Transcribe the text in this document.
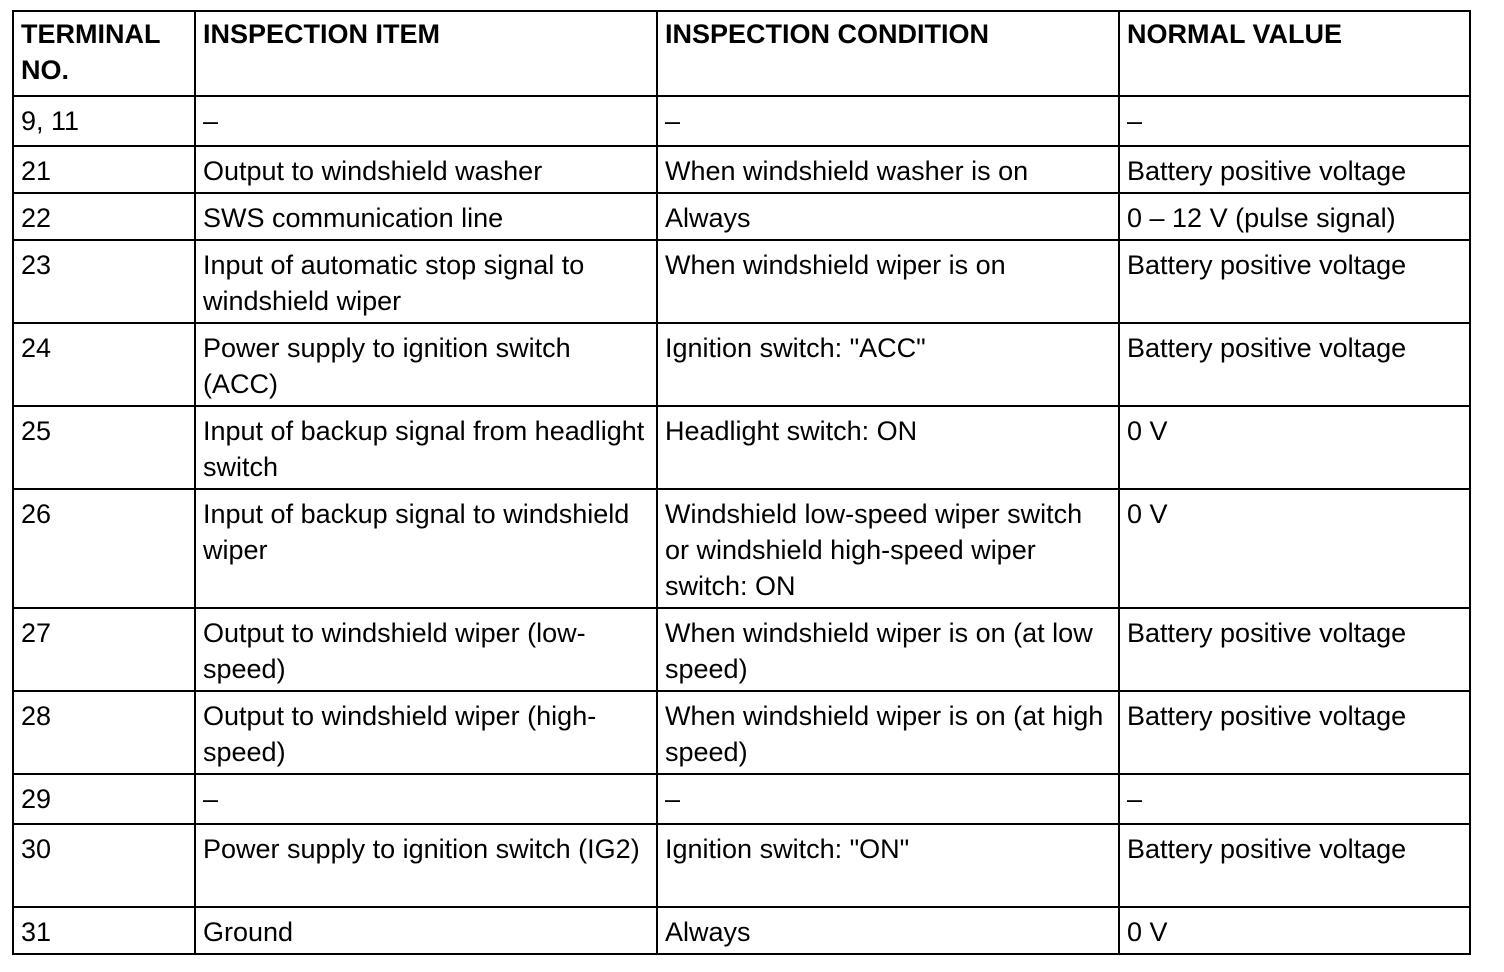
TERMINAL NO.	INSPECTION ITEM	INSPECTION CONDITION	NORMAL VALUE
9, 11	–	–	–
21	Output to windshield washer	When windshield washer is on	Battery positive voltage
22	SWS communication line	Always	0 – 12 V (pulse signal)
23	Input of automatic stop signal to windshield wiper	When windshield wiper is on	Battery positive voltage
24	Power supply to ignition switch (ACC)	Ignition switch: "ACC"	Battery positive voltage
25	Input of backup signal from headlight switch	Headlight switch: ON	0 V
26	Input of backup signal to windshield wiper	Windshield low-speed wiper switch or windshield high-speed wiper switch: ON	0 V
27	Output to windshield wiper (low-speed)	When windshield wiper is on (at low speed)	Battery positive voltage
28	Output to windshield wiper (high-speed)	When windshield wiper is on (at high speed)	Battery positive voltage
29	–	–	–
30	Power supply to ignition switch (IG2)	Ignition switch: "ON"	Battery positive voltage
31	Ground	Always	0 V
